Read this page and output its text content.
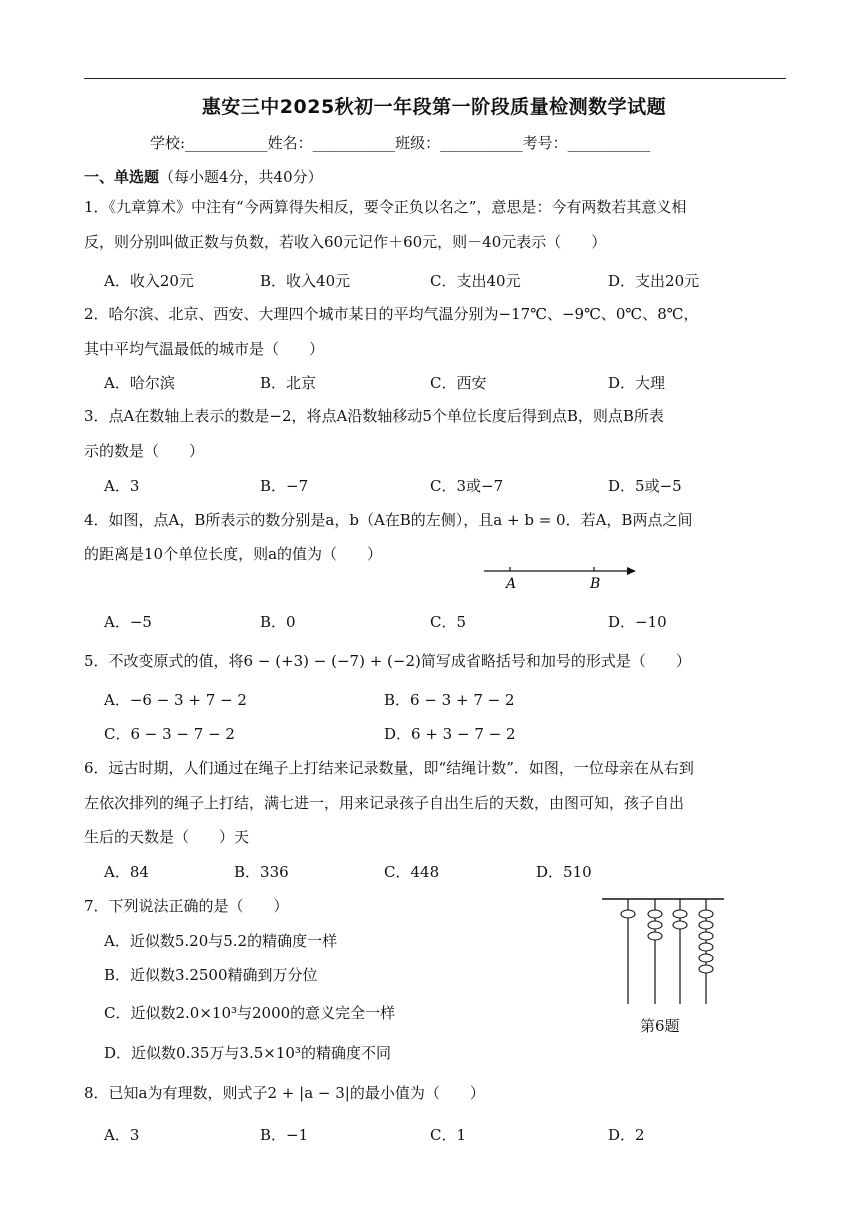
惠安三中2025秋初一年段第一阶段质量检测数学试题
学校:___________姓名：___________班级：___________考号：___________
一、单选题（每小题4分，共40分）
1．《九章算术》中注有“今两算得失相反，要令正负以名之”，意思是：今有两数若其意义相
反，则分别叫做正数与负数，若收入60元记作＋60元，则－40元表示（　　）
A．收入20元	B．收入40元	C．支出40元	D．支出20元
2．哈尔滨、北京、西安、大理四个城市某日的平均气温分别为−17℃、−9℃、0℃、8℃，
其中平均气温最低的城市是（　　）
A．哈尔滨	B．北京	C．西安	D．大理
3．点A在数轴上表示的数是−2，将点A沿数轴移动5个单位长度后得到点B，则点B所表
示的数是（　　）
A．3	B．−7	C．3或−7	D．5或−5
4．如图，点A，B所表示的数分别是a，b（A在B的左侧），且a + b = 0．若A，B两点之间
的距离是10个单位长度，则a的值为（　　）
A	B
A．−5	B．0	C．5	D．−10
5．不改变原式的值，将6 − (+3) − (−7) + (−2)简写成省略括号和加号的形式是（　　）
A．−6 − 3 + 7 − 2	B．6 − 3 + 7 − 2
C．6 − 3 − 7 − 2	D．6 + 3 − 7 − 2
6．远古时期，人们通过在绳子上打结来记录数量，即“结绳计数”．如图，一位母亲在从右到
左依次排列的绳子上打结，满七进一，用来记录孩子自出生后的天数，由图可知，孩子自出
生后的天数是（　　）天
A．84	B．336	C．448	D．510
第6题
7．下列说法正确的是（　　）
A．近似数5.20与5.2的精确度一样
B．近似数3.2500精确到万分位
C．近似数2.0×10³与2000的意义完全一样
D．近似数0.35万与3.5×10³的精确度不同
8．已知a为有理数，则式子2 + |a − 3|的最小值为（　　）
A．3	B．−1	C．1	D．2
